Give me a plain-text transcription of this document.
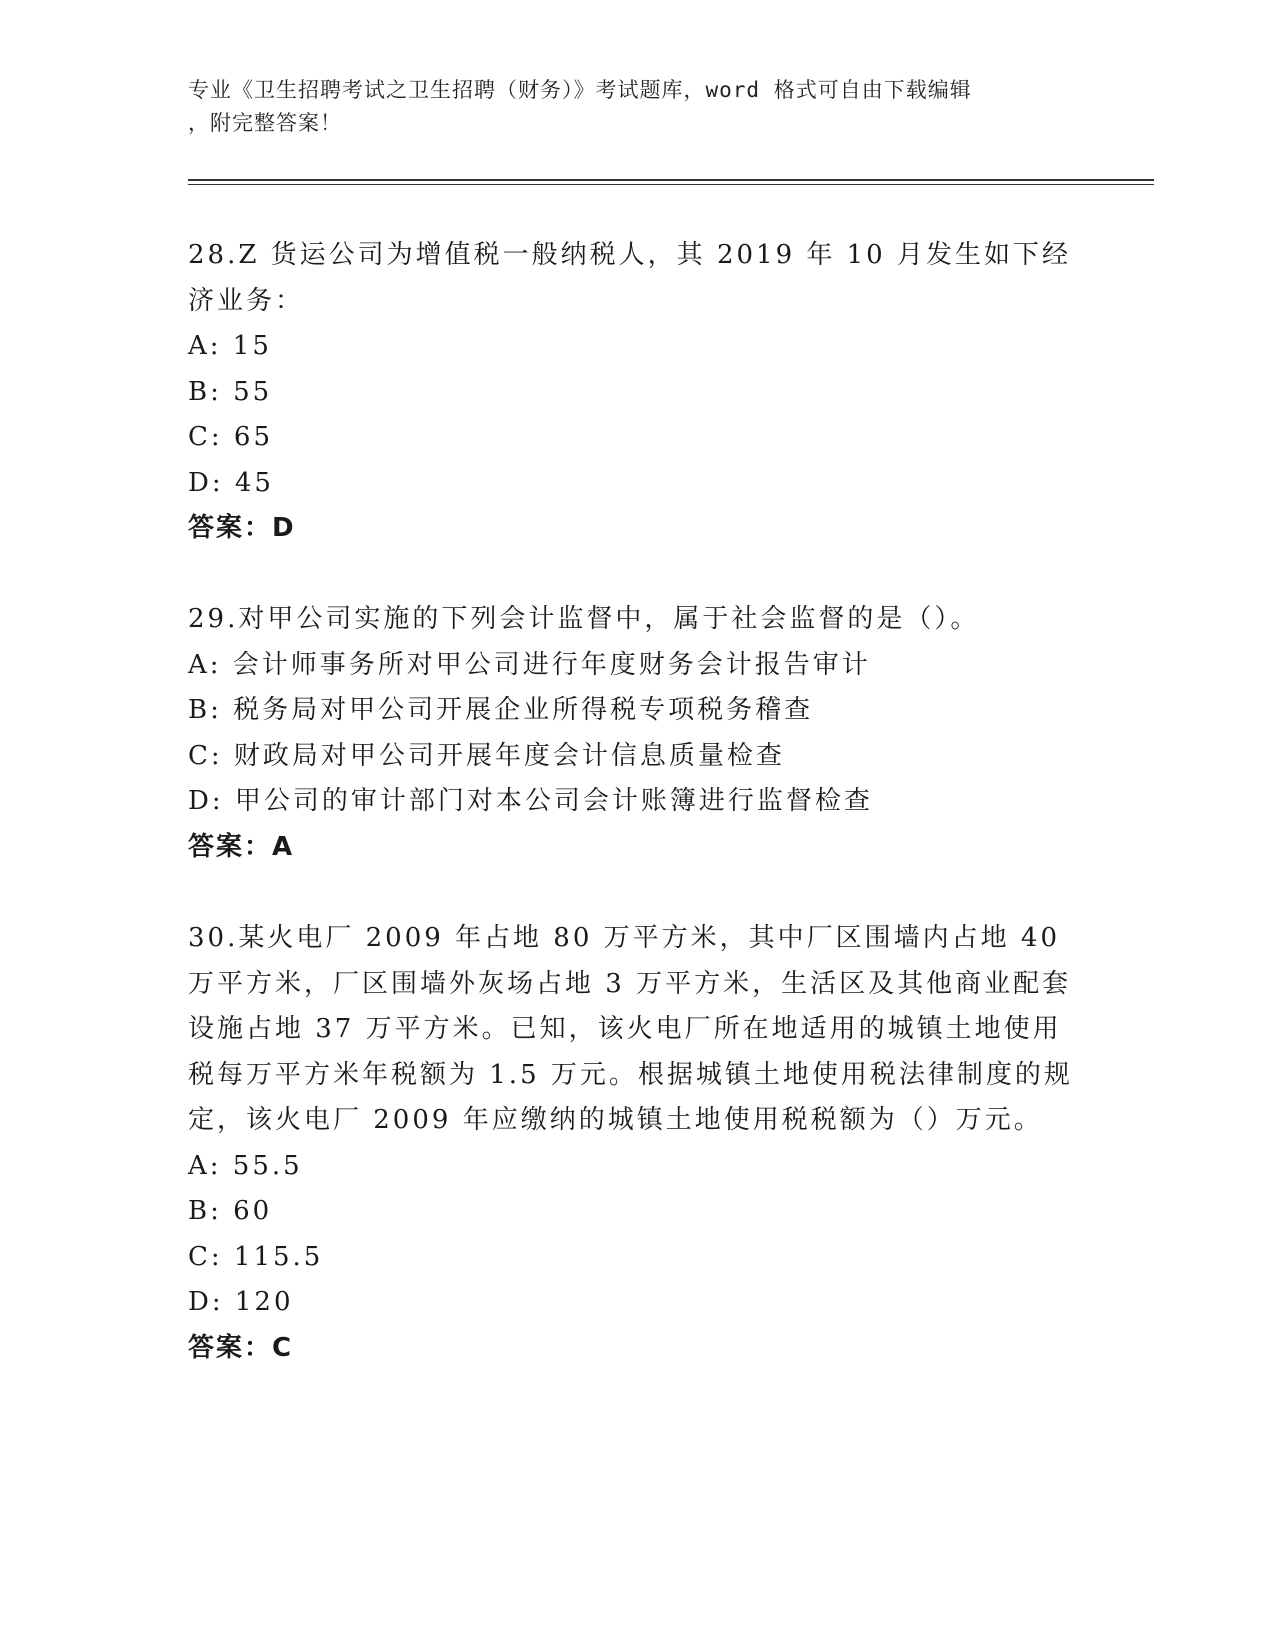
专业《卫生招聘考试之卫生招聘（财务）》考试题库，word 格式可自由下载编辑

，附完整答案！

28.Z 货运公司为增值税一般纳税人，其 2019 年 10 月发生如下经济业务：

A: 15

B: 55

C: 65

D: 45

答案：D

29.对甲公司实施的下列会计监督中，属于社会监督的是（）。

A: 会计师事务所对甲公司进行年度财务会计报告审计

B: 税务局对甲公司开展企业所得税专项税务稽查

C: 财政局对甲公司开展年度会计信息质量检查

D: 甲公司的审计部门对本公司会计账簿进行监督检查

答案：A

30.某火电厂 2009 年占地 80 万平方米，其中厂区围墙内占地 40 万平方米，厂区围墙外灰场占地 3 万平方米，生活区及其他商业配套设施占地 37 万平方米。已知，该火电厂所在地适用的城镇土地使用税每万平方米年税额为 1.5 万元。根据城镇土地使用税法律制度的规定，该火电厂 2009 年应缴纳的城镇土地使用税税额为（）万元。

A: 55.5

B: 60

C: 115.5

D: 120

答案：C
